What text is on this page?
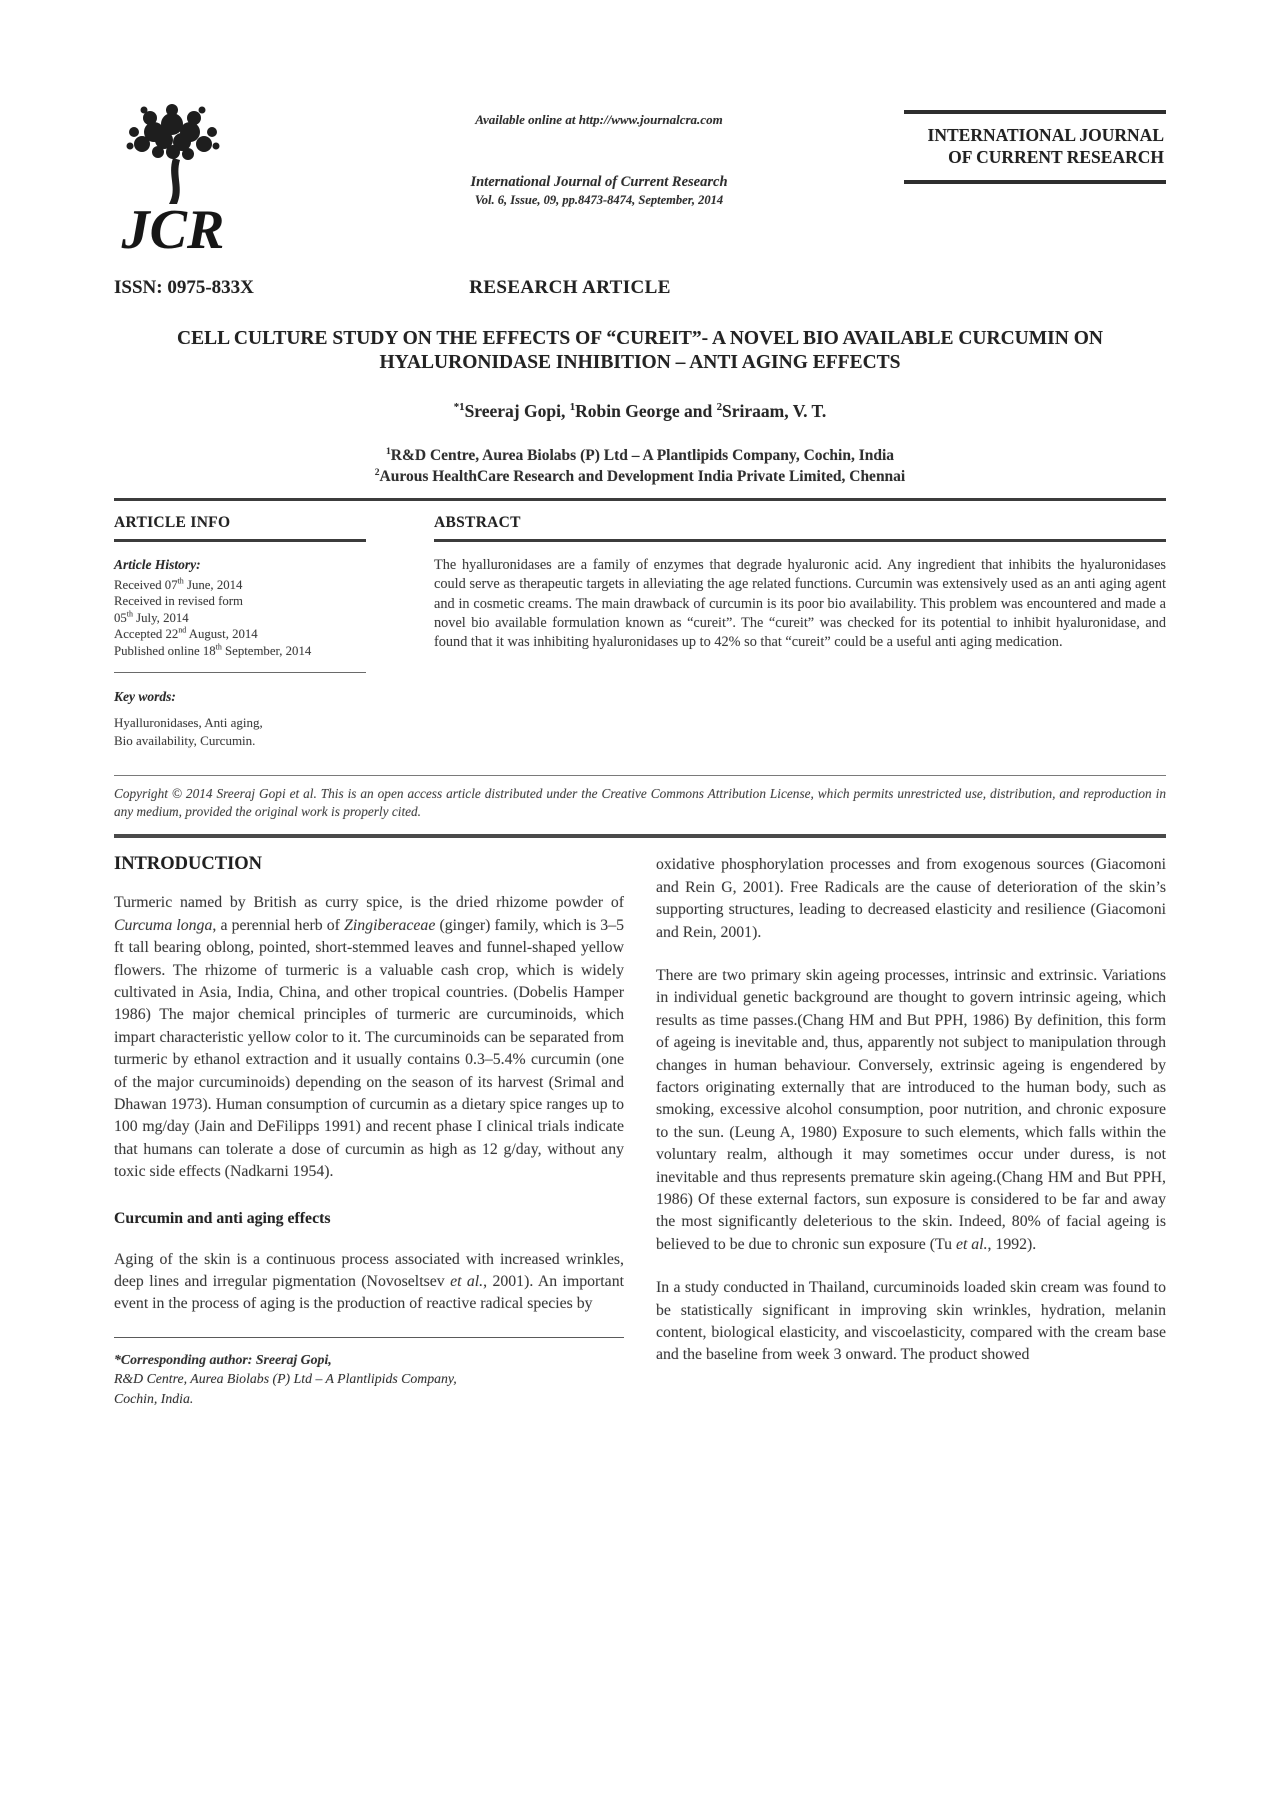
JCR
Available online at http://www.journalcra.com
International Journal of Current Research
Vol. 6, Issue, 09, pp.8473-8474, September, 2014
INTERNATIONAL JOURNAL
OF CURRENT RESEARCH
ISSN: 0975-833X	RESEARCH ARTICLE
CELL CULTURE STUDY ON THE EFFECTS OF “CUREIT”- A NOVEL BIO AVAILABLE CURCUMIN ON HYALURONIDASE INHIBITION – ANTI AGING EFFECTS
$^{*1}$Sreeraj Gopi, $^1$Robin George and $^2$Sriraam, V. T.
$^1$R&D Centre, Aurea Biolabs (P) Ltd – A Plantlipids Company, Cochin, India
$^2$Aurous HealthCare Research and Development India Private Limited, Chennai
ARTICLE INFO
Article History:
Received 07th June, 2014
Received in revised form
05th July, 2014
Accepted 22nd August, 2014
Published online 18th September, 2014
Key words:
Hyalluronidases, Anti aging,
Bio availability, Curcumin.
ABSTRACT

The hyalluronidases are a family of enzymes that degrade hyaluronic acid. Any ingredient that inhibits the hyaluronidases could serve as therapeutic targets in alleviating the age related functions. Curcumin was extensively used as an anti aging agent and in cosmetic creams. The main drawback of curcumin is its poor bio availability. This problem was encountered and made a novel bio available formulation known as “cureit”. The “cureit” was checked for its potential to inhibit hyaluronidase, and found that it was inhibiting hyaluronidases up to 42% so that “cureit” could be a useful anti aging medication.

Copyright © 2014 Sreeraj Gopi et al. This is an open access article distributed under the Creative Commons Attribution License, which permits unrestricted use, distribution, and reproduction in any medium, provided the original work is properly cited.

INTRODUCTION

Turmeric named by British as curry spice, is the dried rhizome powder of Curcuma longa, a perennial herb of Zingiberaceae (ginger) family, which is 3–5 ft tall bearing oblong, pointed, short-stemmed leaves and funnel-shaped yellow flowers. The rhizome of turmeric is a valuable cash crop, which is widely cultivated in Asia, India, China, and other tropical countries. (Dobelis Hamper 1986) The major chemical principles of turmeric are curcuminoids, which impart characteristic yellow color to it. The curcuminoids can be separated from turmeric by ethanol extraction and it usually contains 0.3–5.4% curcumin (one of the major curcuminoids) depending on the season of its harvest (Srimal and Dhawan 1973). Human consumption of curcumin as a dietary spice ranges up to 100 mg/day (Jain and DeFilipps 1991) and recent phase I clinical trials indicate that humans can tolerate a dose of curcumin as high as 12 g/day, without any toxic side effects (Nadkarni 1954).

Curcumin and anti aging effects

Aging of the skin is a continuous process associated with increased wrinkles, deep lines and irregular pigmentation (Novoseltsev et al., 2001). An important event in the process of aging is the production of reactive radical species by

*Corresponding author: Sreeraj Gopi,
R&D Centre, Aurea Biolabs (P) Ltd – A Plantlipids Company,
Cochin, India.

oxidative phosphorylation processes and from exogenous sources (Giacomoni and Rein G, 2001). Free Radicals are the cause of deterioration of the skin’s supporting structures, leading to decreased elasticity and resilience (Giacomoni and Rein, 2001).

There are two primary skin ageing processes, intrinsic and extrinsic. Variations in individual genetic background are thought to govern intrinsic ageing, which results as time passes.(Chang HM and But PPH, 1986) By definition, this form of ageing is inevitable and, thus, apparently not subject to manipulation through changes in human behaviour. Conversely, extrinsic ageing is engendered by factors originating externally that are introduced to the human body, such as smoking, excessive alcohol consumption, poor nutrition, and chronic exposure to the sun. (Leung A, 1980) Exposure to such elements, which falls within the voluntary realm, although it may sometimes occur under duress, is not inevitable and thus represents premature skin ageing.(Chang HM and But PPH, 1986) Of these external factors, sun exposure is considered to be far and away the most significantly deleterious to the skin. Indeed, 80% of facial ageing is believed to be due to chronic sun exposure (Tu et al., 1992).

In a study conducted in Thailand, curcuminoids loaded skin cream was found to be statistically significant in improving skin wrinkles, hydration, melanin content, biological elasticity, and viscoelasticity, compared with the cream base and the baseline from week 3 onward. The product showed
